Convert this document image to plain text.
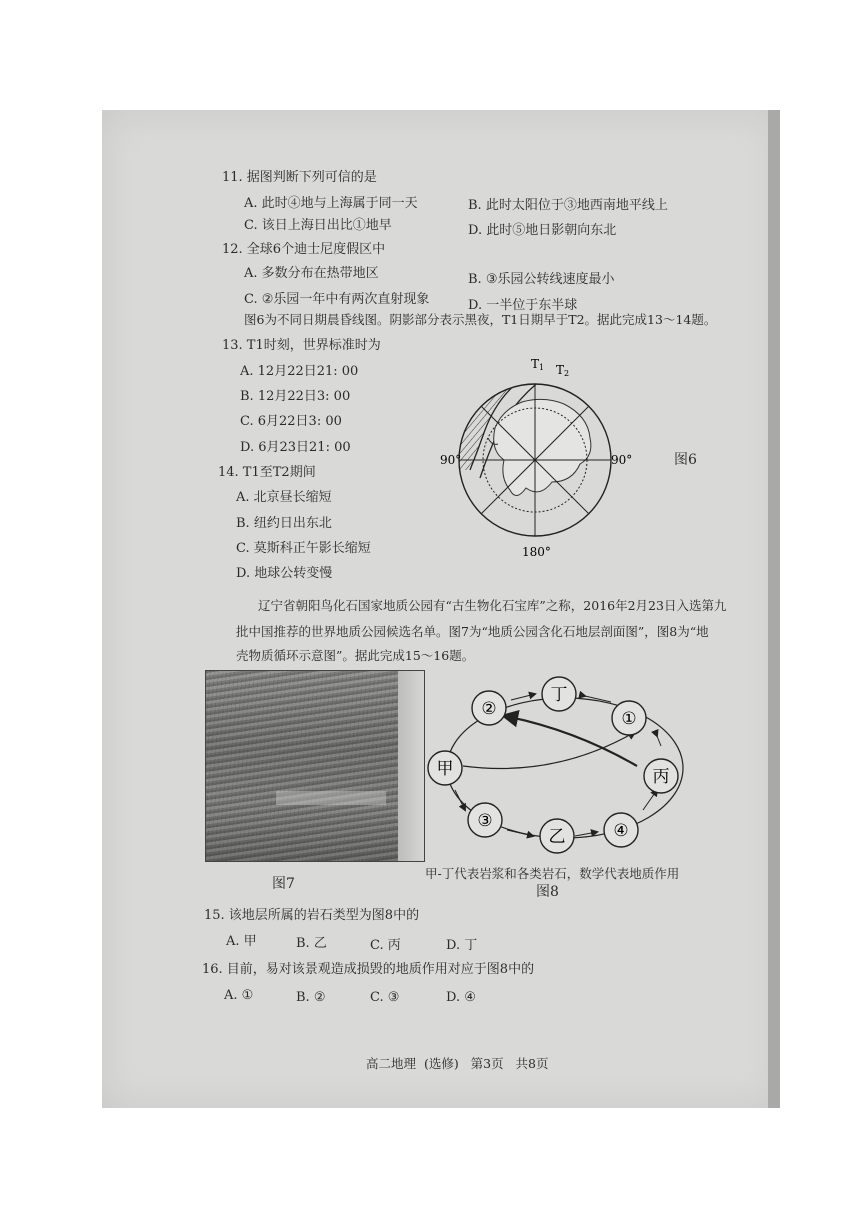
11. 据图判断下列可信的是
A. 此时④地与上海属于同一天	B. 此时太阳位于③地西南地平线上
C. 该日上海日出比①地早	D. 此时⑤地日影朝向东北
12. 全球6个迪士尼度假区中
A. 多数分布在热带地区	B. ③乐园公转线速度最小
C. ②乐园一年中有两次直射现象	D. 一半位于东半球
图6为不同日期晨昏线图。阴影部分表示黑夜，T1日期早于T2。据此完成13～14题。
13. T1时刻，世界标准时为
A. 12月22日21: 00
B. 12月22日3: 00
C. 6月22日3: 00
D. 6月23日21: 00
14. T1至T2期间
A. 北京昼长缩短
B. 纽约日出东北
C. 莫斯科正午影长缩短
D. 地球公转变慢
T 1 T 2
90°	90°
180°
图6
辽宁省朝阳鸟化石国家地质公园有“古生物化石宝库”之称，2016年2月23日入选第九
批中国推荐的世界地质公园候选名单。图7为“地质公园含化石地层剖面图”，图8为“地
壳物质循环示意图”。据此完成15～16题。
图7
②
丁
①
甲	丙
③
乙	④
甲-丁代表岩浆和各类岩石，数学代表地质作用
图8
15. 该地层所属的岩石类型为图8中的
A. 甲	B. 乙	C. 丙	D. 丁
16. 目前，易对该景观造成损毁的地质作用对应于图8中的
A. ①	B. ②	C. ③	D. ④
高二地理  (选修)   第3页   共8页
